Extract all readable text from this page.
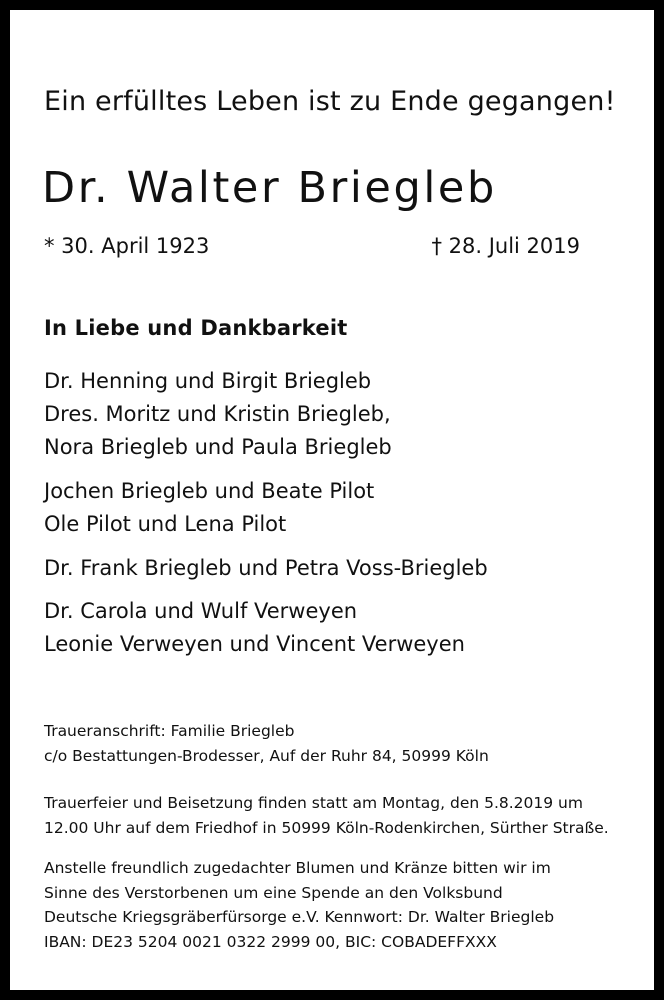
Ein erfülltes Leben ist zu Ende gegangen!
Dr. Walter Briegleb
* 30. April 1923	† 28. Juli 2019
In Liebe und Dankbarkeit
Dr. Henning und Birgit Briegleb
Dres. Moritz und Kristin Briegleb,
Nora Briegleb und Paula Briegleb
Jochen Briegleb und Beate Pilot
Ole Pilot und Lena Pilot
Dr. Frank Briegleb und Petra Voss-Briegleb
Dr. Carola und Wulf Verweyen
Leonie Verweyen und Vincent Verweyen
Traueranschrift: Familie Briegleb
c/o Bestattungen-Brodesser, Auf der Ruhr 84, 50999 Köln
Trauerfeier und Beisetzung finden statt am Montag, den 5.8.2019 um
12.00 Uhr auf dem Friedhof in 50999 Köln-Rodenkirchen, Sürther Straße.
Anstelle freundlich zugedachter Blumen und Kränze bitten wir im
Sinne des Verstorbenen um eine Spende an den Volksbund
Deutsche Kriegsgräberfürsorge e.V. Kennwort: Dr. Walter Briegleb
IBAN: DE23 5204 0021 0322 2999 00, BIC: COBADEFFXXX
